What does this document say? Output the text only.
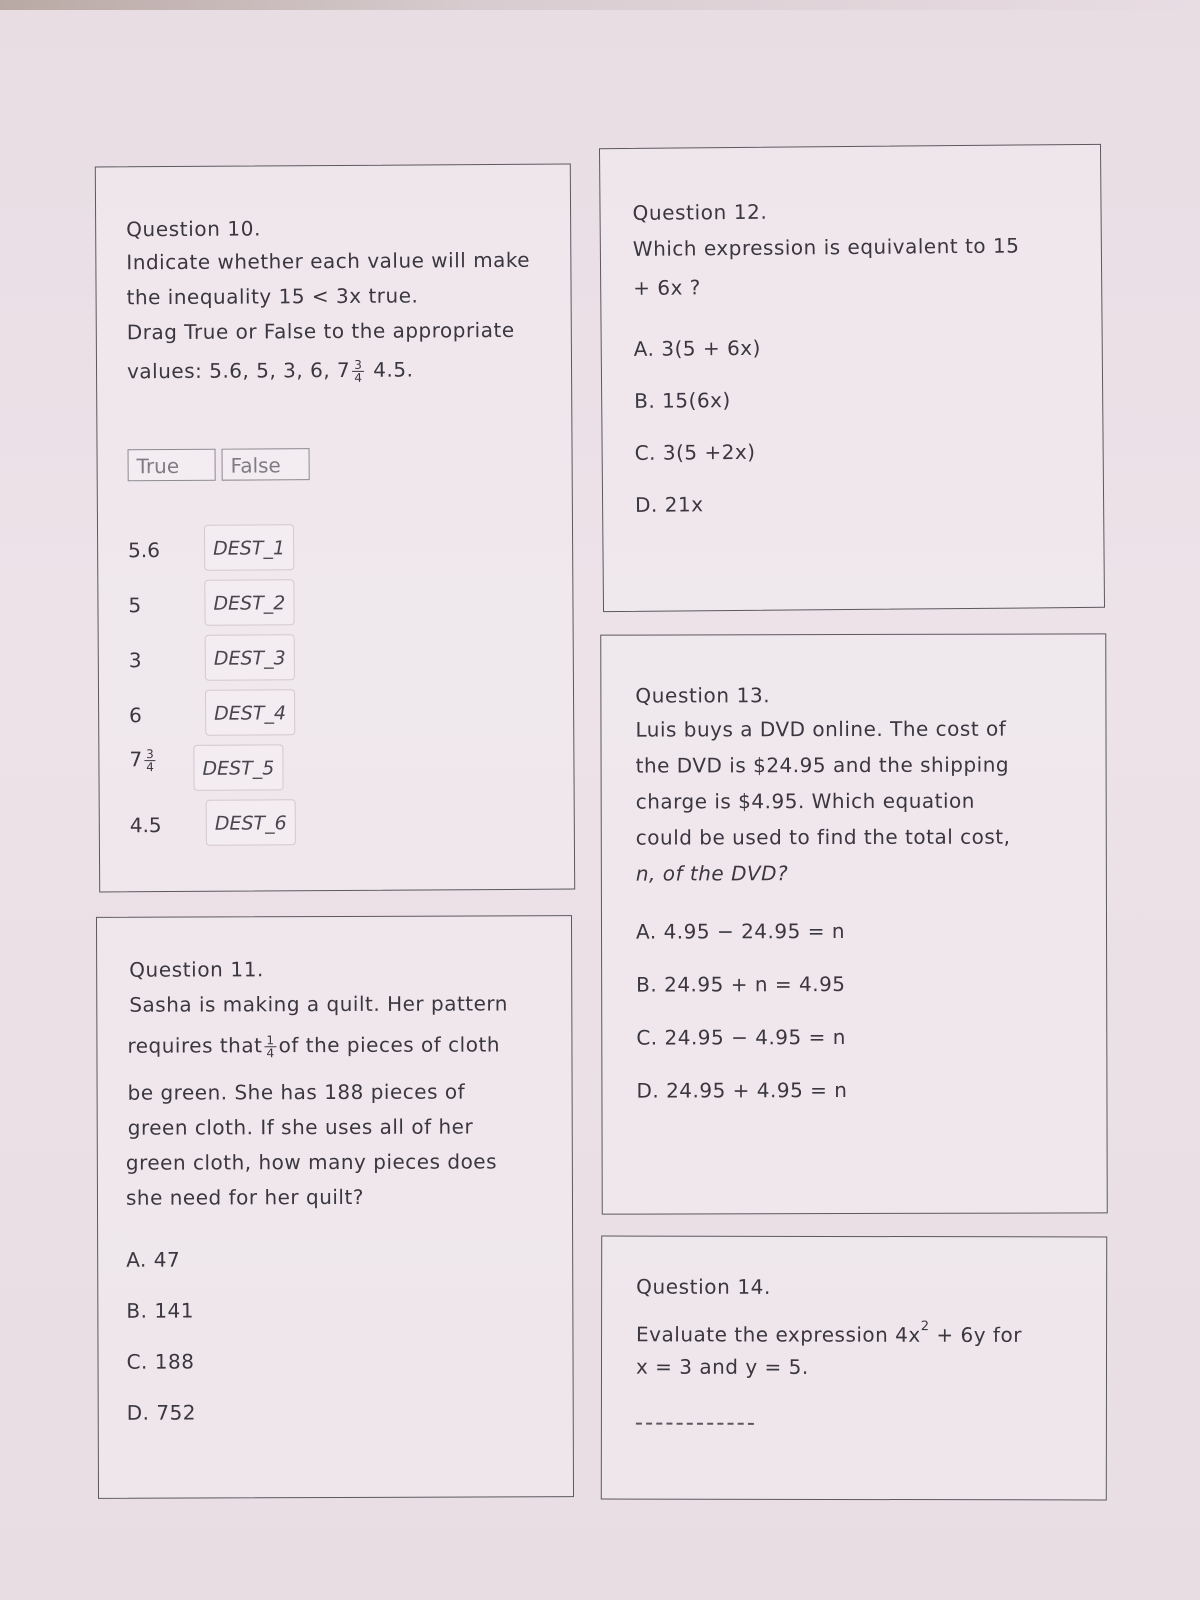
Question 10.
Indicate whether each value will make
the inequality 15 < 3x true.
Drag True or False to the appropriate
values: 5.6, 5, 3, 6, $7 \frac{3}{4} 4.5$.
True	False
5.6	DEST_1
5	DEST_2
3	DEST_3
6	DEST_4
$7 \frac{3}{4}$	DEST_5
4.5	DEST_6
Question 11.
Sasha is making a quilt. Her pattern
requires that $\frac{1}{4}$ of the pieces of cloth
be green. She has 188 pieces of
green cloth. If she uses all of her
green cloth, how many pieces does
she need for her quilt?
A. 47
B. 141
C. 188
D. 752
Question 12.
Which expression is equivalent to 15
+ 6x ?
A. 3(5 + 6x)
B. 15(6x)
C. 3(5 +2x)
D. 21x
Question 13.
Luis buys a DVD online. The cost of
the DVD is $24.95 and the shipping
charge is $4.95. Which equation
could be used to find the total cost,
n, of the DVD?
A. 4.95 − 24.95 = n
B. 24.95 + n = 4.95
C. 24.95 − 4.95 = n
D. 24.95 + 4.95 = n
Question 14.
Evaluate the expression $4x^2 + 6y$ for
x = 3 and y = 5.
